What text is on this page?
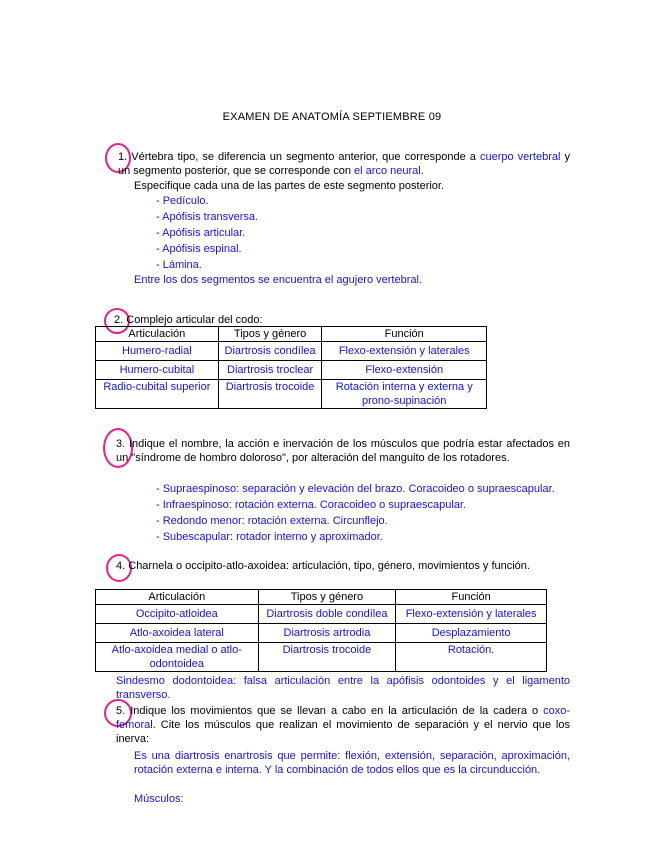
EXAMEN DE ANATOMÍA SEPTIEMBRE 09
1. Vértebra tipo, se diferencia un segmento anterior, que corresponde a cuerpo vertebral y un segmento posterior, que se corresponde con el arco neural.
Especifique cada una de las partes de este segmento posterior.
- Pedículo.
- Apófisis transversa.
- Apófisis articular.
- Apófisis espinal.
- Lámina.
Entre los dos segmentos se encuentra el agujero vertebral.
2. Complejo articular del codo:
Articulación	Tipos y género	Función
Humero-radial	Diartrosis condílea	Flexo-extensión y laterales
Humero-cubital	Diartrosis troclear	Flexo-extensión
Radio-cubital superior	Diartrosis trocoide	Rotación interna y externa y prono-supinación
3. Indique el nombre, la acción e inervación de los músculos que podría estar afectados en un "síndrome de hombro doloroso", por alteración del manguito de los rotadores.
- Supraespinoso: separación y elevación del brazo. Coracoideo o supraescapular.
- Infraespinoso: rotación externa. Coracoideo o supraescapular.
- Redondo menor: rotación externa. Circunflejo.
- Subescapular: rotador interno y aproximador.
4. Charnela o occipito-atlo-axoidea: articulación, tipo, género, movimientos y función.
Articulación	Tipos y género	Función
Occipito-atloidea	Diartrosis doble condílea	Flexo-extensión y laterales
Atlo-axoidea lateral	Diartrosis artrodia	Desplazamiento
Atlo-axoidea medial o atlo-odontoidea	Diartrosis trocoide	Rotación.
Sindesmo dodontoidea: falsa articulación entre la apófisis odontoides y el ligamento transverso.
5. Indique los movimientos que se llevan a cabo en la articulación de la cadera o coxo-femoral. Cite los músculos que realizan el movimiento de separación y el nervio que los inerva:
Es una diartrosis enartrosis que permite: flexión, extensión, separación, aproximación, rotación externa e interna. Y la combinación de todos ellos que es la circunducción.
Músculos:
